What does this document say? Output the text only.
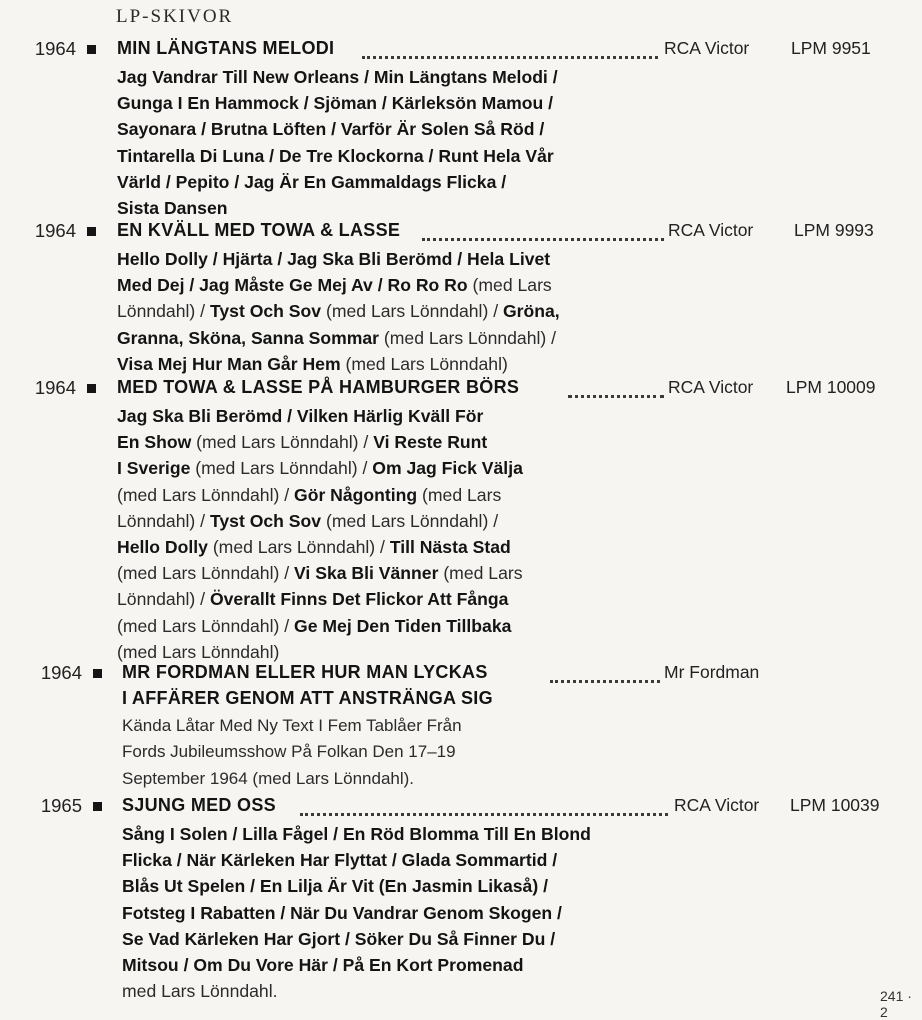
LP-SKIVOR
1964 MIN LÄNGTANS MELODI	RCA Victor LPM 9951
Jag Vandrar Till New Orleans / Min Längtans Melodi /
Gunga I En Hammock / Sjöman / Kärleksön Mamou /
Sayonara / Brutna Löften / Varför Är Solen Så Röd /
Tintarella Di Luna / De Tre Klockorna / Runt Hela Vår
Värld / Pepito / Jag Är En Gammaldags Flicka /
Sista Dansen
1964 EN KVÄLL MED TOWA & LASSE	RCA Victor LPM 9993
Hello Dolly / Hjärta / Jag Ska Bli Berömd / Hela Livet
Med Dej / Jag Måste Ge Mej Av / Ro Ro Ro (med Lars
Lönndahl) / Tyst Och Sov (med Lars Lönndahl) / Gröna,
Granna, Sköna, Sanna Sommar (med Lars Lönndahl) /
Visa Mej Hur Man Går Hem (med Lars Lönndahl)
1964 MED TOWA & LASSE PÅ HAMBURGER BÖRS	RCA Victor LPM 10009
Jag Ska Bli Berömd / Vilken Härlig Kväll För
En Show (med Lars Lönndahl) / Vi Reste Runt
I Sverige (med Lars Lönndahl) / Om Jag Fick Välja
(med Lars Lönndahl) / Gör Någonting (med Lars
Lönndahl) / Tyst Och Sov (med Lars Lönndahl) /
Hello Dolly (med Lars Lönndahl) / Till Nästa Stad
(med Lars Lönndahl) / Vi Ska Bli Vänner (med Lars
Lönndahl) / Överallt Finns Det Flickor Att Fånga
(med Lars Lönndahl) / Ge Mej Den Tiden Tillbaka
(med Lars Lönndahl)
1964 MR FORDMAN ELLER HUR MAN LYCKAS
I AFFÄRER GENOM ATT ANSTRÄNGA SIG
Mr Fordman
Kända Låtar Med Ny Text I Fem Tablåer Från
Fords Jubileumsshow På Folkan Den 17–19
September 1964 (med Lars Lönndahl).
1965 SJUNG MED OSS	RCA Victor LPM 10039
Sång I Solen / Lilla Fågel / En Röd Blomma Till En Blond
Flicka / När Kärleken Har Flyttat / Glada Sommartid /
Blås Ut Spelen / En Lilja Är Vit (En Jasmin Likaså) /
Fotsteg I Rabatten / När Du Vandrar Genom Skogen /
Se Vad Kärleken Har Gjort / Söker Du Så Finner Du /
Mitsou / Om Du Vore Här / På En Kort Promenad
med Lars Lönndahl.	241 · 2
